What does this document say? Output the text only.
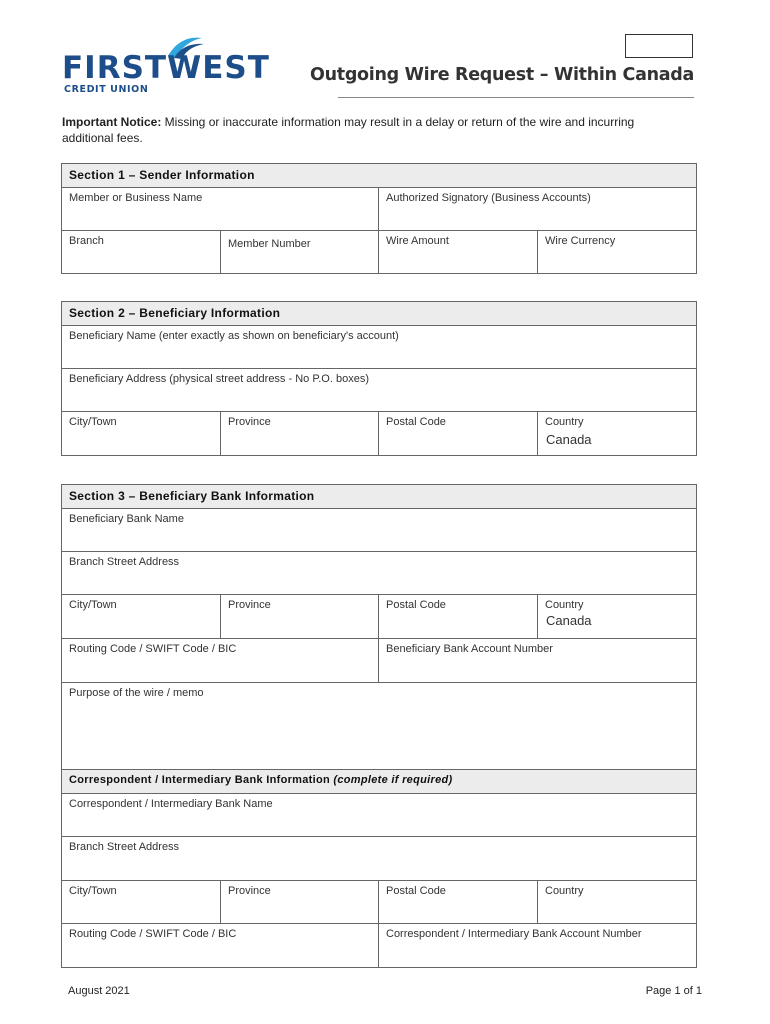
FIRSTWEST
CREDIT UNION
Outgoing Wire Request – Within Canada
Important Notice: Missing or inaccurate information may result in a delay or return of the wire and incurring additional fees.
Section 1 – Sender Information			
Member or Business Name		Authorized Signatory (Business Accounts)	
Branch	Member Number	Wire Amount	Wire Currency
Section 2 – Beneficiary Information
Beneficiary Name (enter exactly as shown on beneficiary's account)
Beneficiary Address (physical street address - No P.O. boxes)
City/Town	Province	Postal Code	Country
Canada
Section 3 – Beneficiary Bank Information			
Beneficiary Bank Name			
Branch Street Address			
City/Town	Province	Postal Code	Country
Canada

Routing Code / SWIFT Code / BIC		Beneficiary Bank Account Number	
Purpose of the wire / memo			
Correspondent / Intermediary Bank Information (complete if required)			
Correspondent / Intermediary Bank Name			
Branch Street Address			
City/Town	Province	Postal Code	Country
Routing Code / SWIFT Code / BIC		Correspondent / Intermediary Bank Account Number	
August 2021	Page 1 of 1
